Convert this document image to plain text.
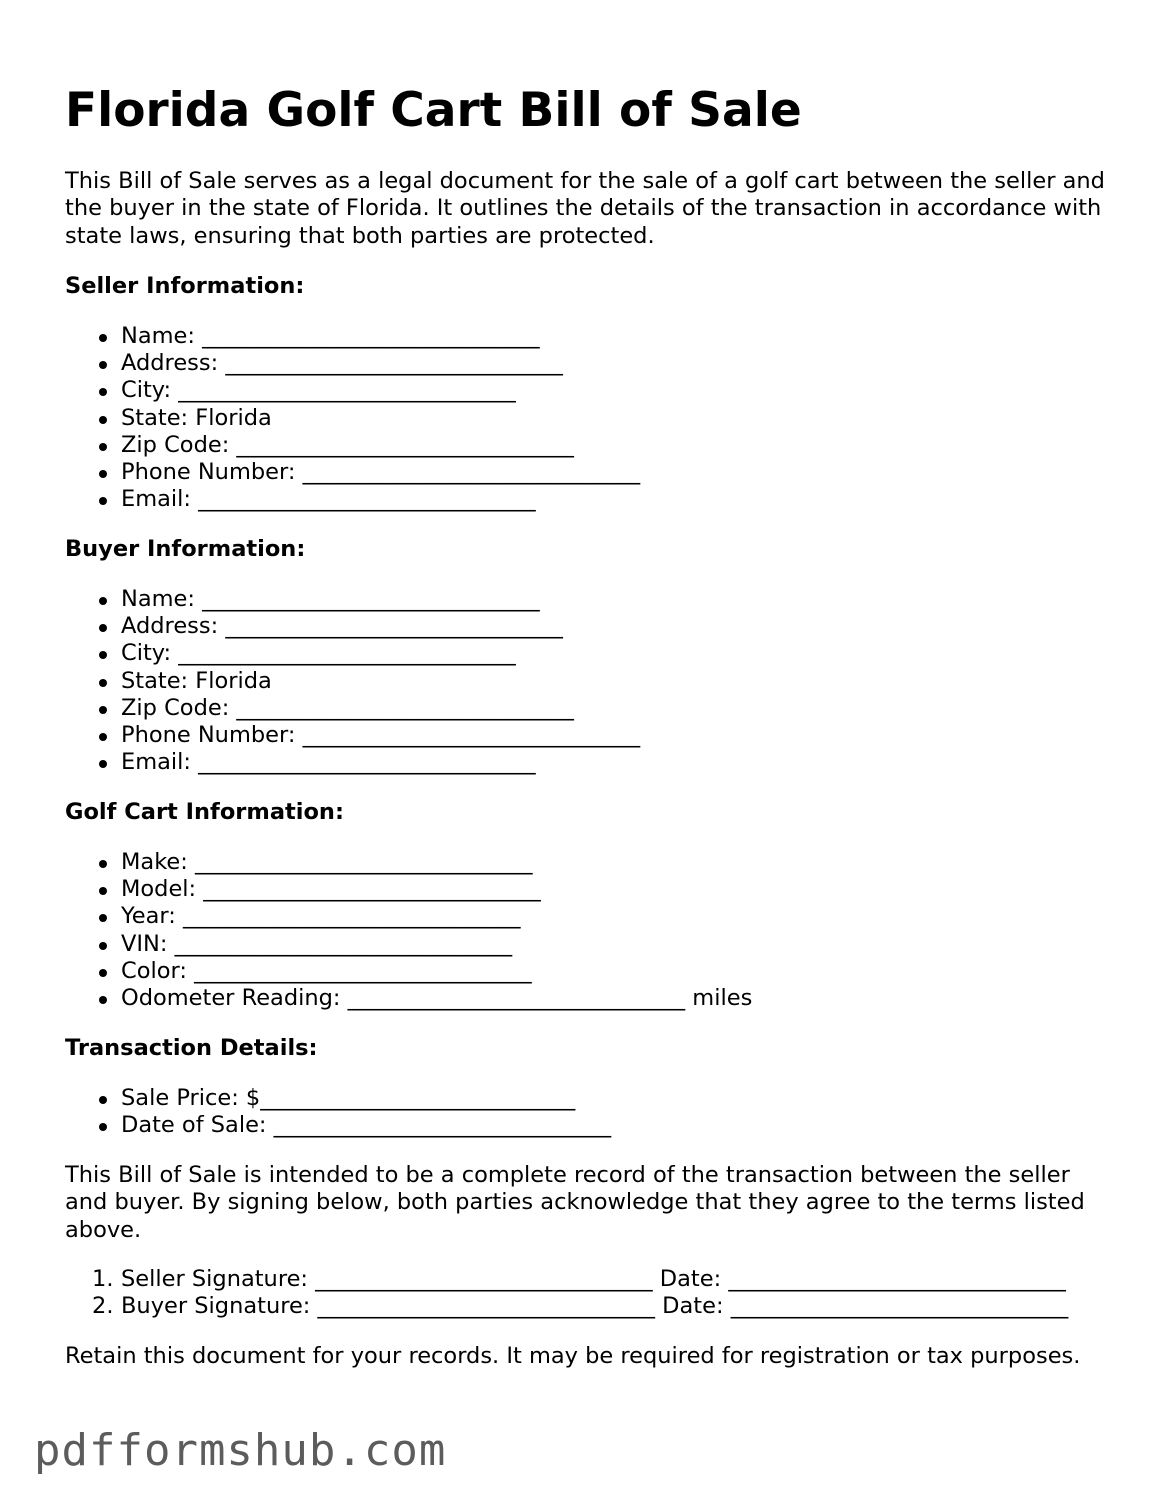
Florida Golf Cart Bill of Sale

This Bill of Sale serves as a legal document for the sale of a golf cart between the seller and the buyer in the state of Florida. It outlines the details of the transaction in accordance with state laws, ensuring that both parties are protected.

Seller Information:

Name: ______________________________
Address: ______________________________
City: ______________________________
State: Florida
Zip Code: ______________________________
Phone Number: ______________________________
Email: ______________________________

Buyer Information:

Name: ______________________________
Address: ______________________________
City: ______________________________
State: Florida
Zip Code: ______________________________
Phone Number: ______________________________
Email: ______________________________

Golf Cart Information:

Make: ______________________________
Model: ______________________________
Year: ______________________________
VIN: ______________________________
Color: ______________________________
Odometer Reading: ______________________________ miles

Transaction Details:

Sale Price: $____________________________
Date of Sale: ______________________________

This Bill of Sale is intended to be a complete record of the transaction between the seller and buyer. By signing below, both parties acknowledge that they agree to the terms listed above.

1. Seller Signature: ______________________________ Date: ______________________________
2. Buyer Signature: ______________________________ Date: ______________________________

Retain this document for your records. It may be required for registration or tax purposes.

pdfformshub.com
